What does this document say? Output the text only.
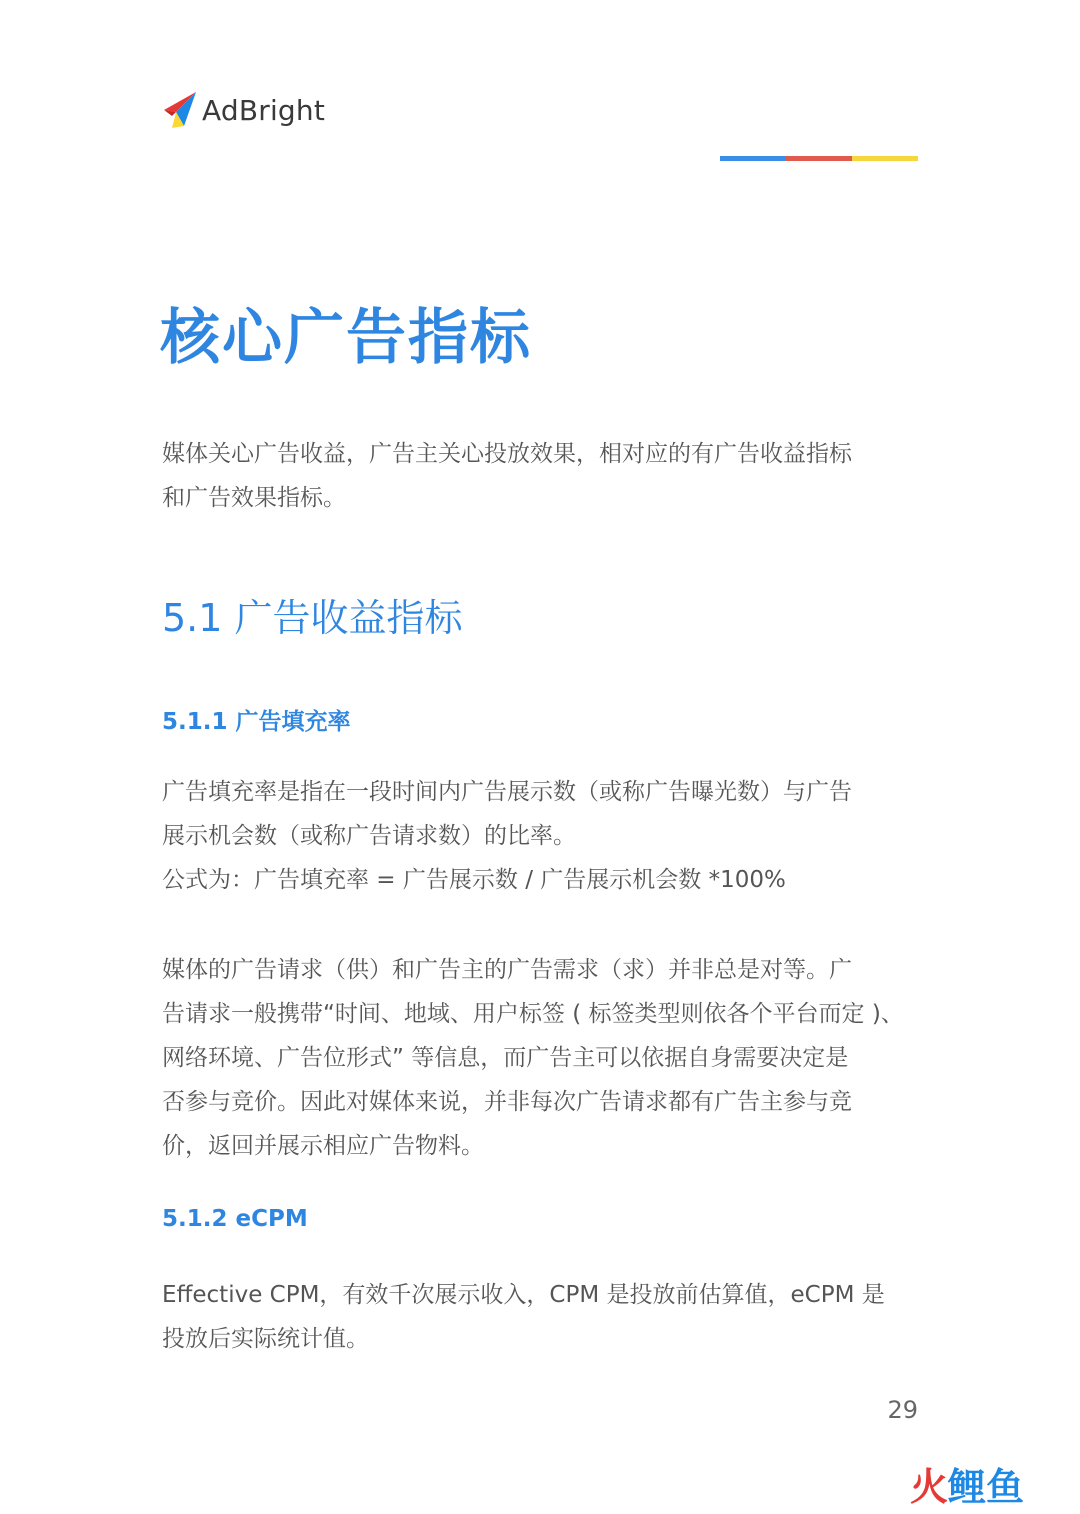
AdBright
核心广告指标
媒体关心广告收益，广告主关心投放效果，相对应的有广告收益指标
和广告效果指标。
5.1 广告收益指标
5.1.1 广告填充率
广告填充率是指在一段时间内广告展示数（或称广告曝光数）与广告
展示机会数（或称广告请求数）的比率。
公式为：广告填充率 = 广告展示数 / 广告展示机会数 *100%
媒体的广告请求（供）和广告主的广告需求（求）并非总是对等。广
告请求一般携带“时间、地域、用户标签 ( 标签类型则依各个平台而定 )、
网络环境、广告位形式” 等信息，而广告主可以依据自身需要决定是
否参与竞价。因此对媒体来说，并非每次广告请求都有广告主参与竞
价，返回并展示相应广告物料。
5.1.2 eCPM
Effective CPM，有效千次展示收入，CPM 是投放前估算值，eCPM 是
投放后实际统计值。
29
火鲤鱼
